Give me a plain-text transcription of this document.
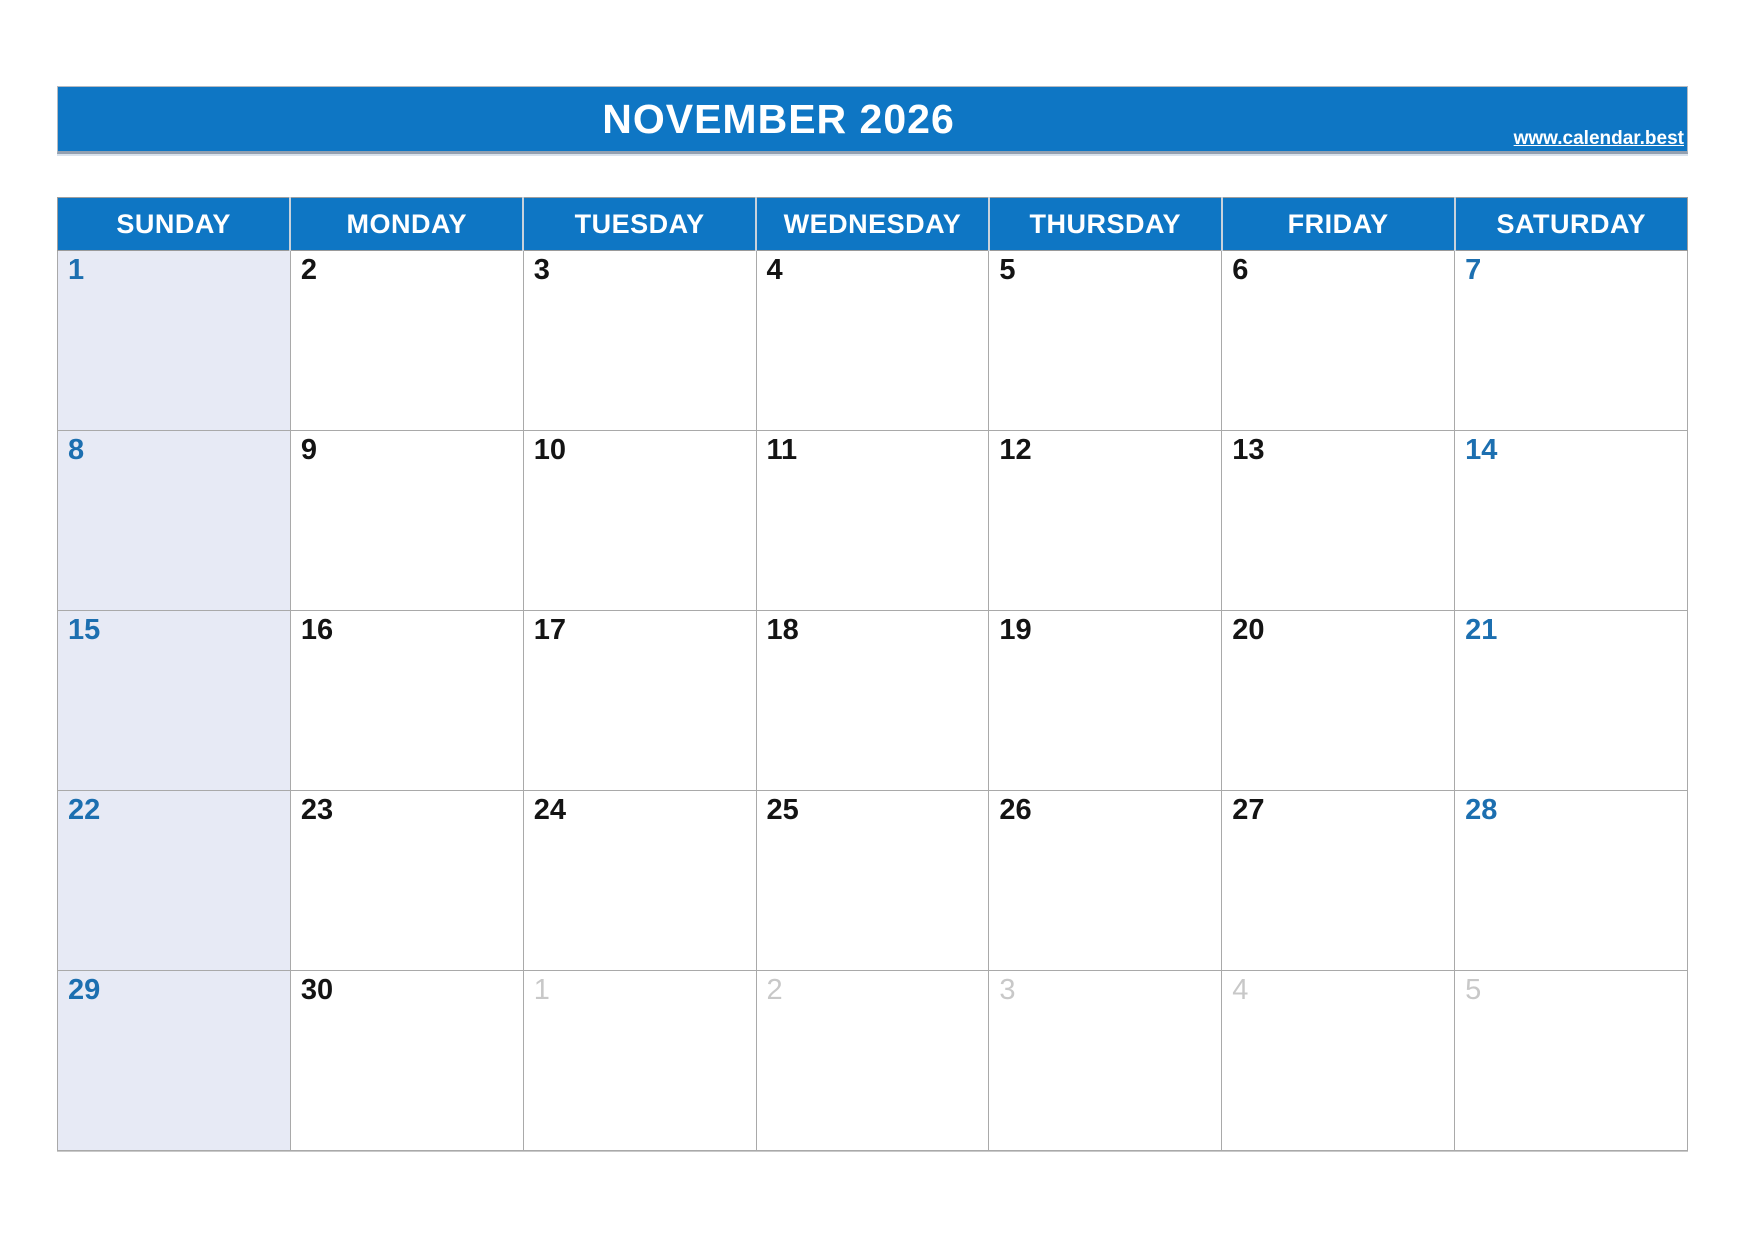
NOVEMBER 2026	www.calendar.best
SUNDAY	MONDAY	TUESDAY	WEDNESDAY	THURSDAY	FRIDAY	SATURDAY
1	2	3	4	5	6	7
8	9	10	11	12	13	14
15	16	17	18	19	20	21
22	23	24	25	26	27	28
29	30	1	2	3	4	5
